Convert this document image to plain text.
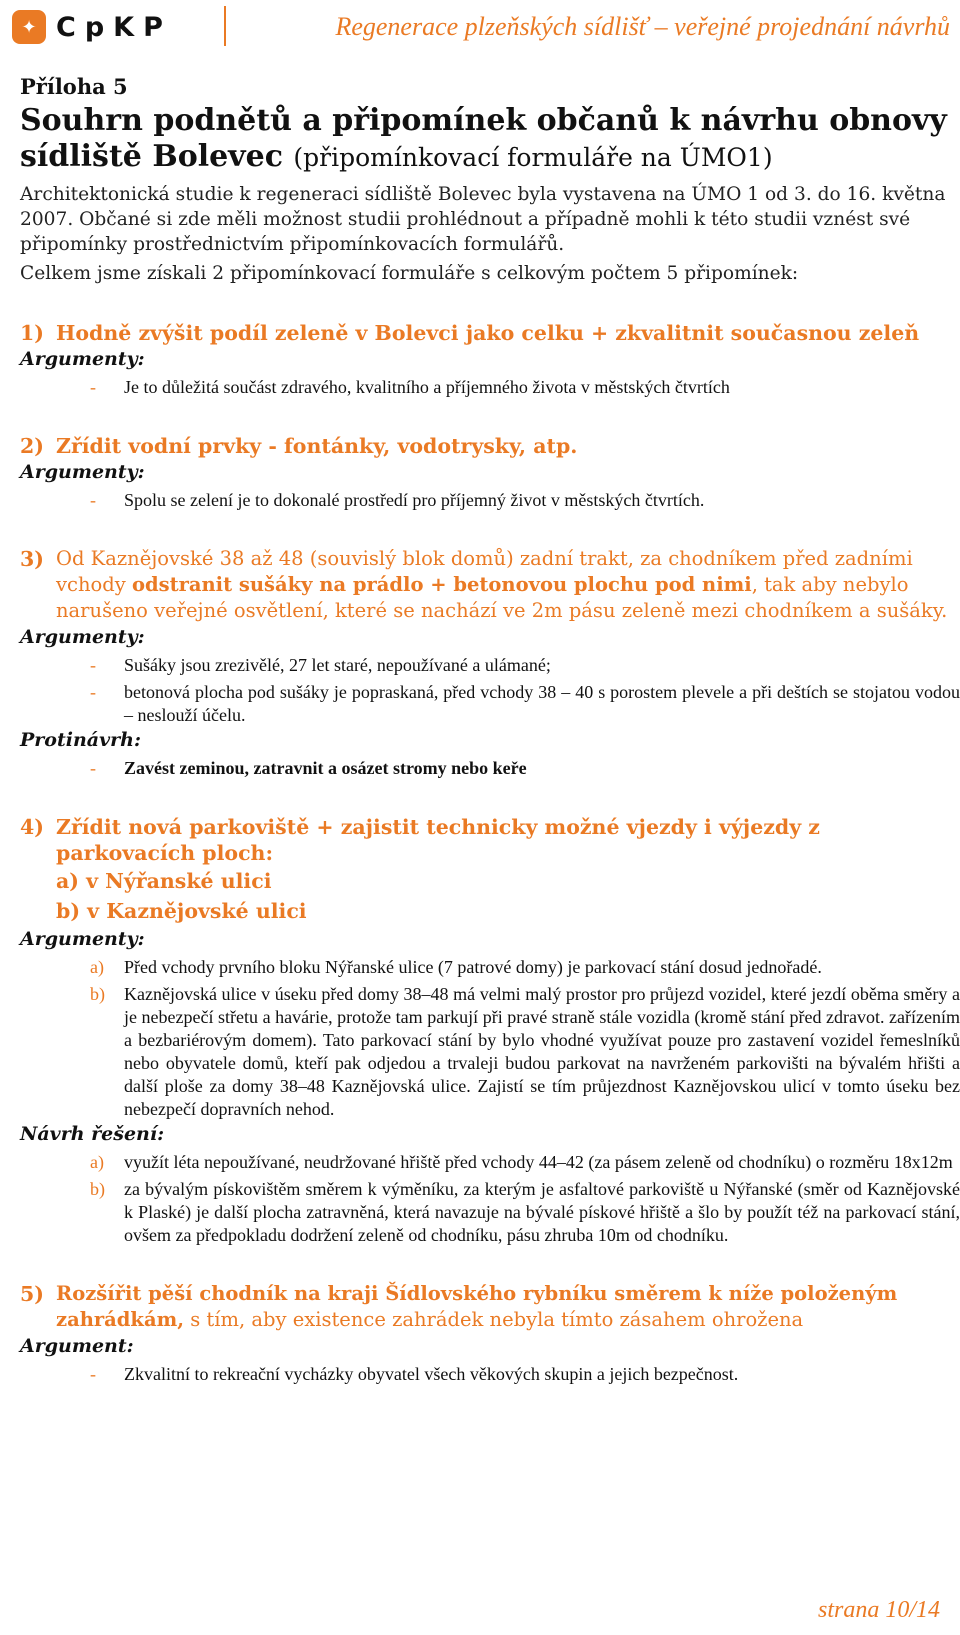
✦ CpKP	Regenerace plzeňských sídlišť – veřejné projednání návrhů

Příloha 5

Souhrn podnětů a připomínek občanů k návrhu obnovy sídliště Bolevec (připomínkovací formuláře na ÚMO1)

Architektonická studie k regeneraci sídliště Bolevec byla vystavena na ÚMO 1 od 3. do 16. května 2007. Občané si zde měli možnost studii prohlédnout a případně mohli k této studii vznést své připomínky prostřednictvím připomínkovacích formulářů.

Celkem jsme získali 2 připomínkovací formuláře s celkovým počtem 5 připomínek:

1) Hodně zvýšit podíl zeleně v Bolevci jako celku + zkvalitnit současnou zeleň
Argumenty:
-	Je to důležitá součást zdravého, kvalitního a příjemného života v městských čtvrtích
2) Zřídit vodní prvky - fontánky, vodotrysky, atp.
Argumenty:
-	Spolu se zelení je to dokonalé prostředí pro příjemný život v městských čtvrtích.
3) Od Kaznějovské 38 až 48 (souvislý blok domů) zadní trakt, za chodníkem před zadními vchody odstranit sušáky na prádlo + betonovou plochu pod nimi, tak aby nebylo narušeno veřejné osvětlení, které se nachází ve 2m pásu zeleně mezi chodníkem a sušáky.
Argumenty:
-	Sušáky jsou zrezivělé, 27 let staré, nepoužívané a ulámané;
-	betonová plocha pod sušáky je popraskaná, před vchody 38 – 40 s porostem plevele a při deštích se stojatou vodou – neslouží účelu.
Protinávrh:
-	Zavést zeminou, zatravnit a osázet stromy nebo keře
4) Zřídit nová parkoviště + zajistit technicky možné vjezdy i výjezdy z parkovacích ploch:
a) v Nýřanské ulici
b) v Kaznějovské ulici
Argumenty:
a)	Před vchody prvního bloku Nýřanské ulice (7 patrové domy) je parkovací stání dosud jednořadé.
b)	Kaznějovská ulice v úseku před domy 38–48 má velmi malý prostor pro průjezd vozidel, které jezdí oběma směry a je nebezpečí střetu a havárie, protože tam parkují při pravé straně stále vozidla (kromě stání před zdravot. zařízením a bezbariérovým domem). Tato parkovací stání by bylo vhodné využívat pouze pro zastavení vozidel řemeslníků nebo obyvatele domů, kteří pak odjedou a trvaleji budou parkovat na navrženém parkovišti na bývalém hřišti a další ploše za domy 38–48 Kaznějovská ulice. Zajistí se tím průjezdnost Kaznějovskou ulicí v tomto úseku bez nebezpečí dopravních nehod.
Návrh řešení:
a)	využít léta nepoužívané, neudržované hřiště před vchody 44–42 (za pásem zeleně od chodníku) o rozměru 18x12m
b)	za bývalým pískovištěm směrem k výměníku, za kterým je asfaltové parkoviště u Nýřanské (směr od Kaznějovské k Plaské) je další plocha zatravněná, která navazuje na bývalé pískové hřiště a šlo by použít též na parkovací stání, ovšem za předpokladu dodržení zeleně od chodníku, pásu zhruba 10m od chodníku.
5) Rozšířit pěší chodník na kraji Šídlovského rybníku směrem k níže položeným zahrádkám, s tím, aby existence zahrádek nebyla tímto zásahem ohrožena
Argument:
-	Zkvalitní to rekreační vycházky obyvatel všech věkových skupin a jejich bezpečnost.
strana 10/14
